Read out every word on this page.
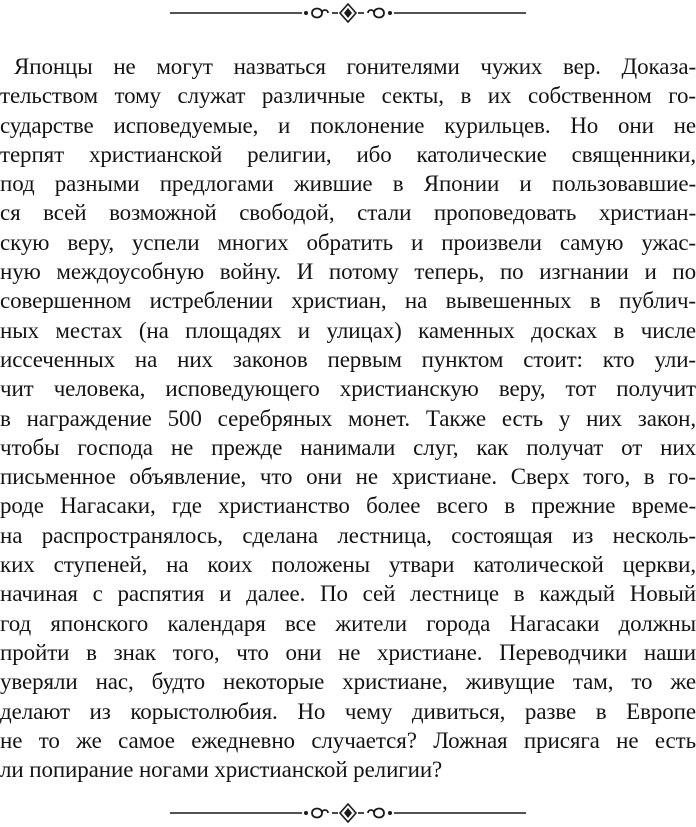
Японцы не могут назваться гонителями чужих вер. Доказа-
тельством тому служат различные секты, в их собственном го-
сударстве исповедуемые, и поклонение курильцев. Но они не
терпят христианской религии, ибо католические священники,
под разными предлогами жившие в Японии и пользовавшие-
ся всей возможной свободой, стали проповедовать христиан-
скую веру, успели многих обратить и произвели самую ужас-
ную междоусобную войну. И потому теперь, по изгнании и по
совершенном истреблении христиан, на вывешенных в публич-
ных местах (на площадях и улицах) каменных досках в числе
иссеченных на них законов первым пунктом стоит: кто ули-
чит человека, исповедующего христианскую веру, тот получит
в награждение 500 серебряных монет. Также есть у них закон,
чтобы господа не прежде нанимали слуг, как получат от них
письменное объявление, что они не христиане. Сверх того, в го-
роде Нагасаки, где христианство более всего в прежние време-
на распространялось, сделана лестница, состоящая из несколь-
ких ступеней, на коих положены утвари католической церкви,
начиная с распятия и далее. По сей лестнице в каждый Новый
год японского календаря все жители города Нагасаки должны
пройти в знак того, что они не христиане. Переводчики наши
уверяли нас, будто некоторые христиане, живущие там, то же
делают из корыстолюбия. Но чему дивиться, разве в Европе
не то же самое ежедневно случается? Ложная присяга не есть
ли попирание ногами христианской религии?
